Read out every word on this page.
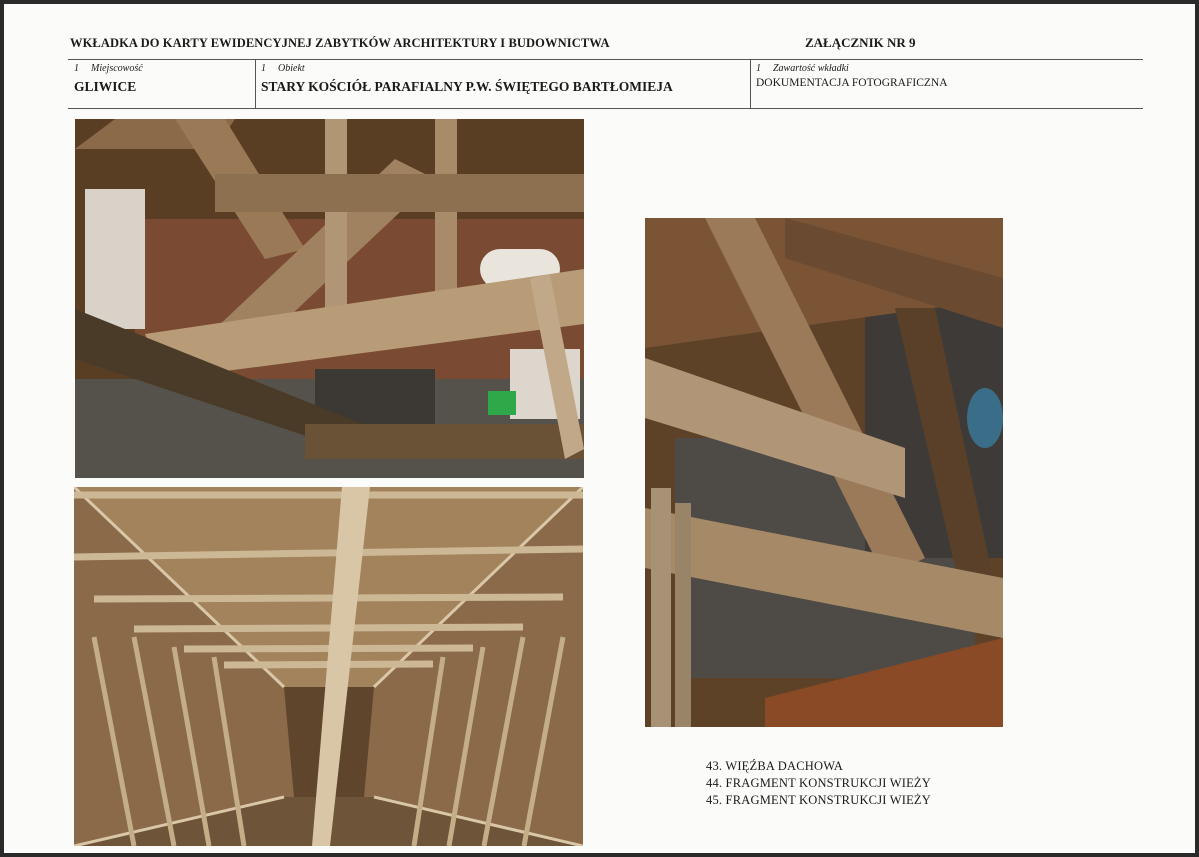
WKŁADKA DO KARTY EWIDENCYJNEJ ZABYTKÓW ARCHITEKTURY I BUDOWNICTWA	ZAŁĄCZNIK NR 9
1 Miejscowość
GLIWICE
1 Obiekt
STARY KOŚCIÓŁ PARAFIALNY P.W. ŚWIĘTEGO BARTŁOMIEJA
1 Zawartość wkładki
DOKUMENTACJA FOTOGRAFICZNA
43. WIĘŹBA DACHOWA
44. FRAGMENT KONSTRUKCJI WIEŻY
45. FRAGMENT KONSTRUKCJI WIEŻY
